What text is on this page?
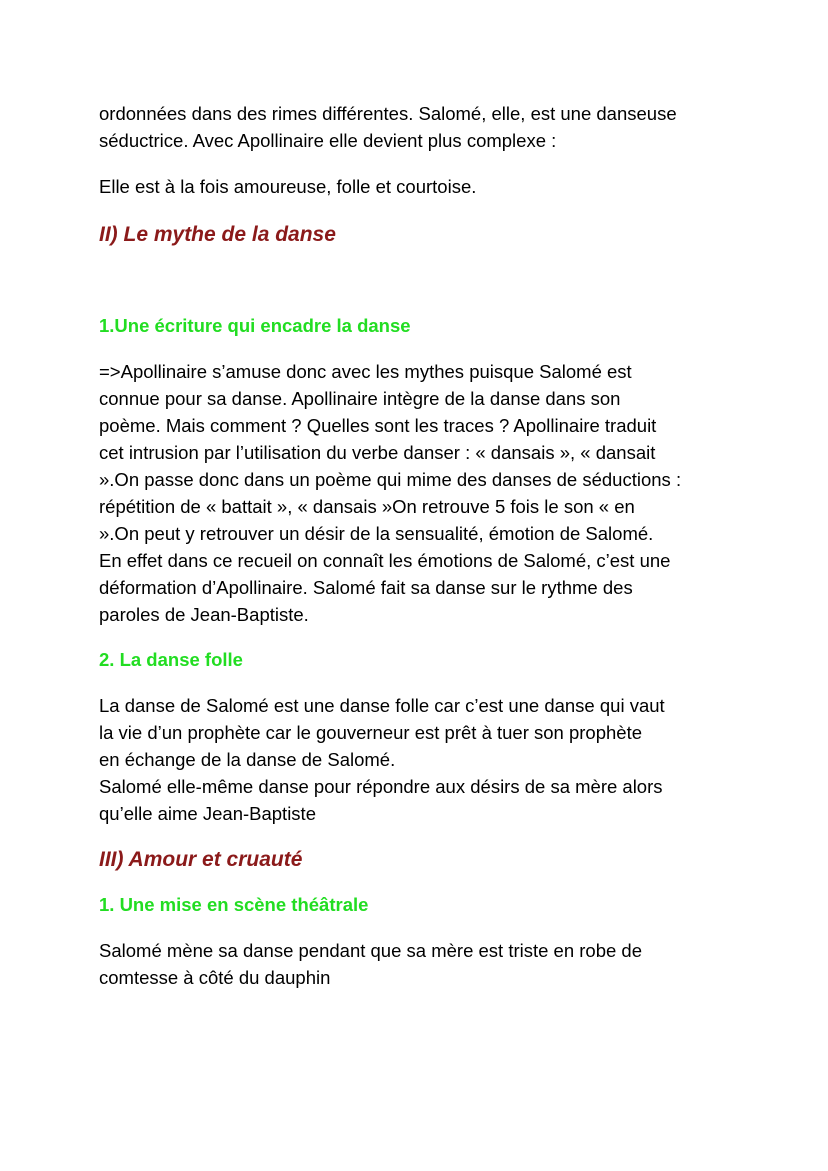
ordonnées dans des rimes différentes. Salomé, elle, est une danseuse
séductrice. Avec Apollinaire elle devient plus complexe :
Elle est à la fois amoureuse, folle et courtoise.
II) Le mythe de la danse
1.Une écriture qui encadre la danse
=>Apollinaire s’amuse donc avec les mythes puisque Salomé est
connue pour sa danse. Apollinaire intègre de la danse dans son
poème. Mais comment ? Quelles sont les traces ? Apollinaire traduit
cet intrusion par l’utilisation du verbe danser : « dansais », « dansait
».On passe donc dans un poème qui mime des danses de séductions :
répétition de « battait », « dansais »On retrouve 5 fois le son « en
».On peut y retrouver un désir de la sensualité, émotion de Salomé.
En effet dans ce recueil on connaît les émotions de Salomé, c’est une
déformation d’Apollinaire. Salomé fait sa danse sur le rythme des
paroles de Jean-Baptiste.
2. La danse folle
La danse de Salomé est une danse folle car c’est une danse qui vaut
la vie d’un prophète car le gouverneur est prêt à tuer son prophète
en échange de la danse de Salomé.
Salomé elle-même danse pour répondre aux désirs de sa mère alors
qu’elle aime Jean-Baptiste
III) Amour et cruauté
1. Une mise en scène théâtrale
Salomé mène sa danse pendant que sa mère est triste en robe de
comtesse à côté du dauphin
